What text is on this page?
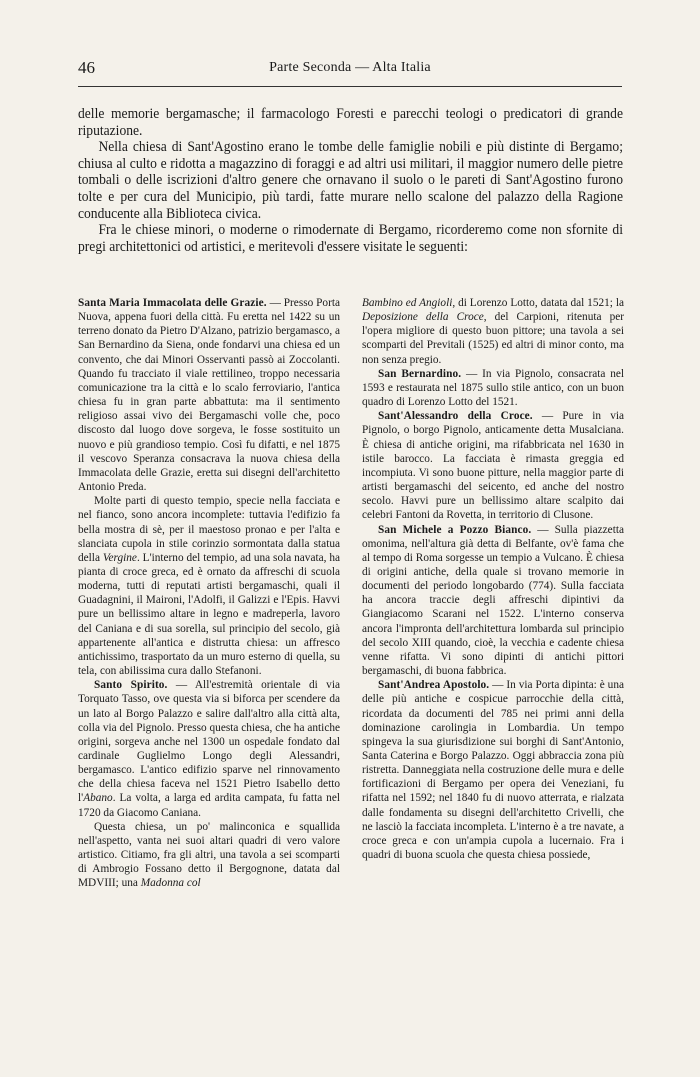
46	Parte Seconda — Alta Italia

delle memorie bergamasche; il farmacologo Foresti e parecchi teologi o predicatori di grande riputazione.

Nella chiesa di Sant'Agostino erano le tombe delle famiglie nobili e più distinte di Bergamo; chiusa al culto e ridotta a magazzino di foraggi e ad altri usi militari, il maggior numero delle pietre tombali o delle iscrizioni d'altro genere che ornavano il suolo o le pareti di Sant'Agostino furono tolte e per cura del Municipio, più tardi, fatte murare nello scalone del palazzo della Ragione conducente alla Biblioteca civica.

Fra le chiese minori, o moderne o rimodernate di Bergamo, ricorderemo come non sfornite di pregi architettonici od artistici, e meritevoli d'essere visitate le seguenti:

Santa Maria Immacolata delle Grazie. — Presso Porta Nuova, appena fuori della città. Fu eretta nel 1422 su un terreno donato da Pietro D'Alzano, patrizio bergamasco, a San Bernardino da Siena, onde fondarvi una chiesa ed un convento, che dai Minori Osservanti passò ai Zoccolanti. Quando fu tracciato il viale rettilineo, troppo necessaria comunicazione tra la città e lo scalo ferroviario, l'antica chiesa fu in gran parte abbattuta: ma il sentimento religioso assai vivo dei Bergamaschi volle che, poco discosto dal luogo dove sorgeva, le fosse sostituito un nuovo e più grandioso tempio. Così fu difatti, e nel 1875 il vescovo Speranza consacrava la nuova chiesa della Immacolata delle Grazie, eretta sui disegni dell'architetto Antonio Preda.

Molte parti di questo tempio, specie nella facciata e nel fianco, sono ancora incomplete: tuttavia l'edifizio fa bella mostra di sè, per il maestoso pronao e per l'alta e slanciata cupola in stile corinzio sormontata dalla statua della Vergine. L'interno del tempio, ad una sola navata, ha pianta di croce greca, ed è ornato da affreschi di scuola moderna, tutti di reputati artisti bergamaschi, quali il Guadagnini, il Maironi, l'Adolfi, il Galizzi e l'Epis. Havvi pure un bellissimo altare in legno e madreperla, lavoro del Caniana e di sua sorella, sul principio del secolo, già appartenente all'antica e distrutta chiesa: un affresco antichissimo, trasportato da un muro esterno di quella, su tela, con abilissima cura dallo Stefanoni.

Santo Spirito. — All'estremità orientale di via Torquato Tasso, ove questa via si biforca per scendere da un lato al Borgo Palazzo e salire dall'altro alla città alta, colla via del Pignolo. Presso questa chiesa, che ha antiche origini, sorgeva anche nel 1300 un ospedale fondato dal cardinale Guglielmo Longo degli Alessandri, bergamasco. L'antico edifizio sparve nel rinnovamento che della chiesa faceva nel 1521 Pietro Isabello detto l'Abano. La volta, a larga ed ardita campata, fu fatta nel 1720 da Giacomo Caniana.

Questa chiesa, un po' malinconica e squallida nell'aspetto, vanta nei suoi altari quadri di vero valore artistico. Citiamo, fra gli altri, una tavola a sei scomparti di Ambrogio Fossano detto il Bergognone, datata dal MDVIII; una Madonna col

Bambino ed Angioli, di Lorenzo Lotto, datata dal 1521; la Deposizione della Croce, del Carpioni, ritenuta per l'opera migliore di questo buon pittore; una tavola a sei scomparti del Previtali (1525) ed altri di minor conto, ma non senza pregio.

San Bernardino. — In via Pignolo, consacrata nel 1593 e restaurata nel 1875 sullo stile antico, con un buon quadro di Lorenzo Lotto del 1521.

Sant'Alessandro della Croce. — Pure in via Pignolo, o borgo Pignolo, anticamente detta Musalciana. È chiesa di antiche origini, ma rifabbricata nel 1630 in istile barocco. La facciata è rimasta greggia ed incompiuta. Vi sono buone pitture, nella maggior parte di artisti bergamaschi del seicento, ed anche del nostro secolo. Havvi pure un bellissimo altare scalpito dai celebri Fantoni da Rovetta, in territorio di Clusone.

San Michele a Pozzo Bianco. — Sulla piazzetta omonima, nell'altura già detta di Belfante, ov'è fama che al tempo di Roma sorgesse un tempio a Vulcano. È chiesa di origini antiche, della quale si trovano memorie in documenti del periodo longobardo (774). Sulla facciata ha ancora traccie degli affreschi dipintivi da Giangiacomo Scarani nel 1522. L'interno conserva ancora l'impronta dell'architettura lombarda sul principio del secolo XIII quando, cioè, la vecchia e cadente chiesa venne rifatta. Vi sono dipinti di antichi pittori bergamaschi, di buona fabbrica.

Sant'Andrea Apostolo. — In via Porta dipinta: è una delle più antiche e cospicue parrocchie della città, ricordata da documenti del 785 nei primi anni della dominazione carolingia in Lombardia. Un tempo spingeva la sua giurisdizione sui borghi di Sant'Antonio, Santa Caterina e Borgo Palazzo. Oggi abbraccia zona più ristretta. Danneggiata nella costruzione delle mura e delle fortificazioni di Bergamo per opera dei Veneziani, fu rifatta nel 1592; nel 1840 fu di nuovo atterrata, e rialzata dalle fondamenta su disegni dell'architetto Crivelli, che ne lasciò la facciata incompleta. L'interno è a tre navate, a croce greca e con un'ampia cupola a lucernaio. Fra i quadri di buona scuola che questa chiesa possiede,
